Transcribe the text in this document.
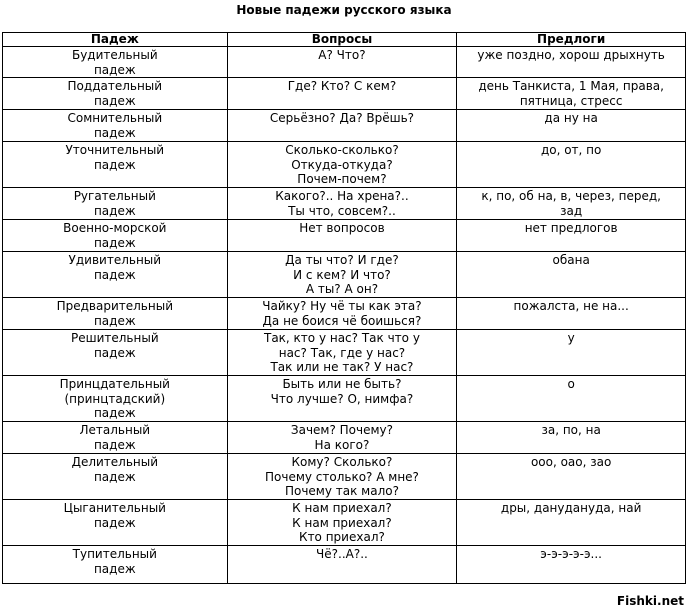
Новые падежи русского языка
Падеж	Вопросы	Предлоги

Будительный
падеж	А? Что?	уже поздно, хорош дрыхнуть

Поддательный
падеж	Где? Кто? С кем?	день Танкиста, 1 Мая, права,
пятница, стресс

Сомнительный
падеж	Серьёзно? Да? Врёшь?	да ну на

Уточнительный
падеж	Сколько-сколько?
Откуда-откуда?
Почем-почем?	до, от, по

Ругательный
падеж	Какого?.. На хрена?..
Ты что, совсем?..	к, по, об на, в, через, перед,
зад

Военно-морской
падеж	Нет вопросов	нет предлогов

Удивительный
падеж	Да ты что? И где?
И с кем? И что?
А ты? А он?	обана

Предварительный
падеж	Чайку? Ну чё ты как эта?
Да не боися чё боишься?	пожалста, не на...

Решительный
падеж	Так, кто у нас? Так что у
нас? Так, где у нас?
Так или не так? У нас?	у

Принцдательный
(принцтадский)
падеж	Быть или не быть?
Что лучше? О, нимфа?	о

Летальный
падеж	Зачем? Почему?
На кого?	за, по, на

Делительный
падеж	Кому? Сколько?
Почему столько? А мне?
Почему так мало?	ооо, оао, зао

Цыганительный
падеж	К нам приехал?
К нам приехал?
Кто приехал?	дры, данудануда, най

Тупительный
падеж	Чё?..А?..	э-э-э-э-э...
Fishki.net
